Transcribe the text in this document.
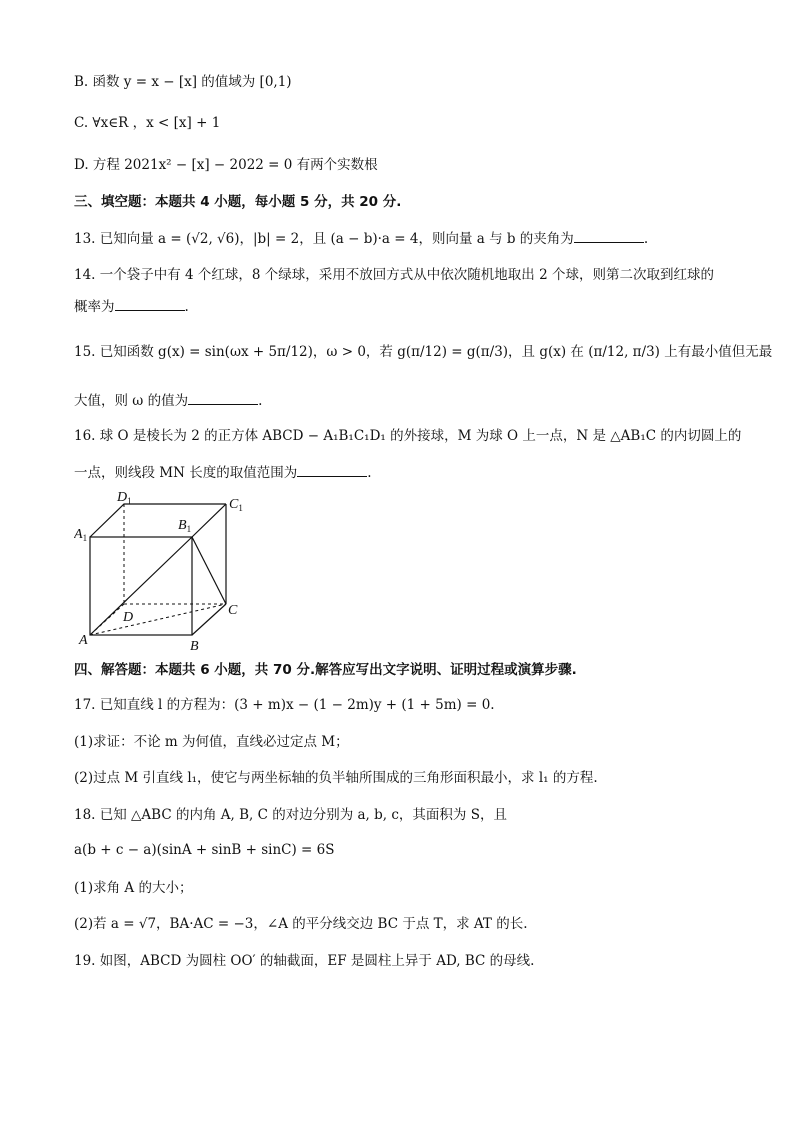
B. 函数 y = x − [x] 的值域为 [0,1)
C. ∀x∈R ，x < [x] + 1
D. 方程 2021x² − [x] − 2022 = 0 有两个实数根
三、填空题：本题共 4 小题，每小题 5 分，共 20 分.
13. 已知向量 a = (√2, √6)，|b| = 2，且 (a − b)·a = 4，则向量 a 与 b 的夹角为	.
14. 一个袋子中有 4 个红球，8 个绿球，采用不放回方式从中依次随机地取出 2 个球，则第二次取到红球的
概率为	.
15. 已知函数 g(x) = sin(ωx + 5π/12)，ω > 0，若 g(π/12) = g(π/3)，且 g(x) 在 (π/12, π/3) 上有最小值但无最
大值，则 ω 的值为	.
16. 球 O 是棱长为 2 的正方体 ABCD − A₁B₁C₁D₁ 的外接球，M 为球 O 上一点，N 是 △AB₁C 的内切圆上的
一点，则线段 MN 长度的取值范围为	.
$D_1$	$C_1$
$A_1$
$B_1$
D	C
A	B
四、解答题：本题共 6 小题，共 70 分.解答应写出文字说明、证明过程或演算步骤.
17. 已知直线 l 的方程为：(3 + m)x − (1 − 2m)y + (1 + 5m) = 0.
(1)求证：不论 m 为何值，直线必过定点 M；
(2)过点 M 引直线 l₁，使它与两坐标轴的负半轴所围成的三角形面积最小，求 l₁ 的方程.
18. 已知 △ABC 的内角 A, B, C 的对边分别为 a, b, c，其面积为 S，且
a(b + c − a)(sinA + sinB + sinC) = 6S
(1)求角 A 的大小；
(2)若 a = √7，BA·AC = −3，∠A 的平分线交边 BC 于点 T，求 AT 的长.
19. 如图，ABCD 为圆柱 OO′ 的轴截面，EF 是圆柱上异于 AD, BC 的母线.
